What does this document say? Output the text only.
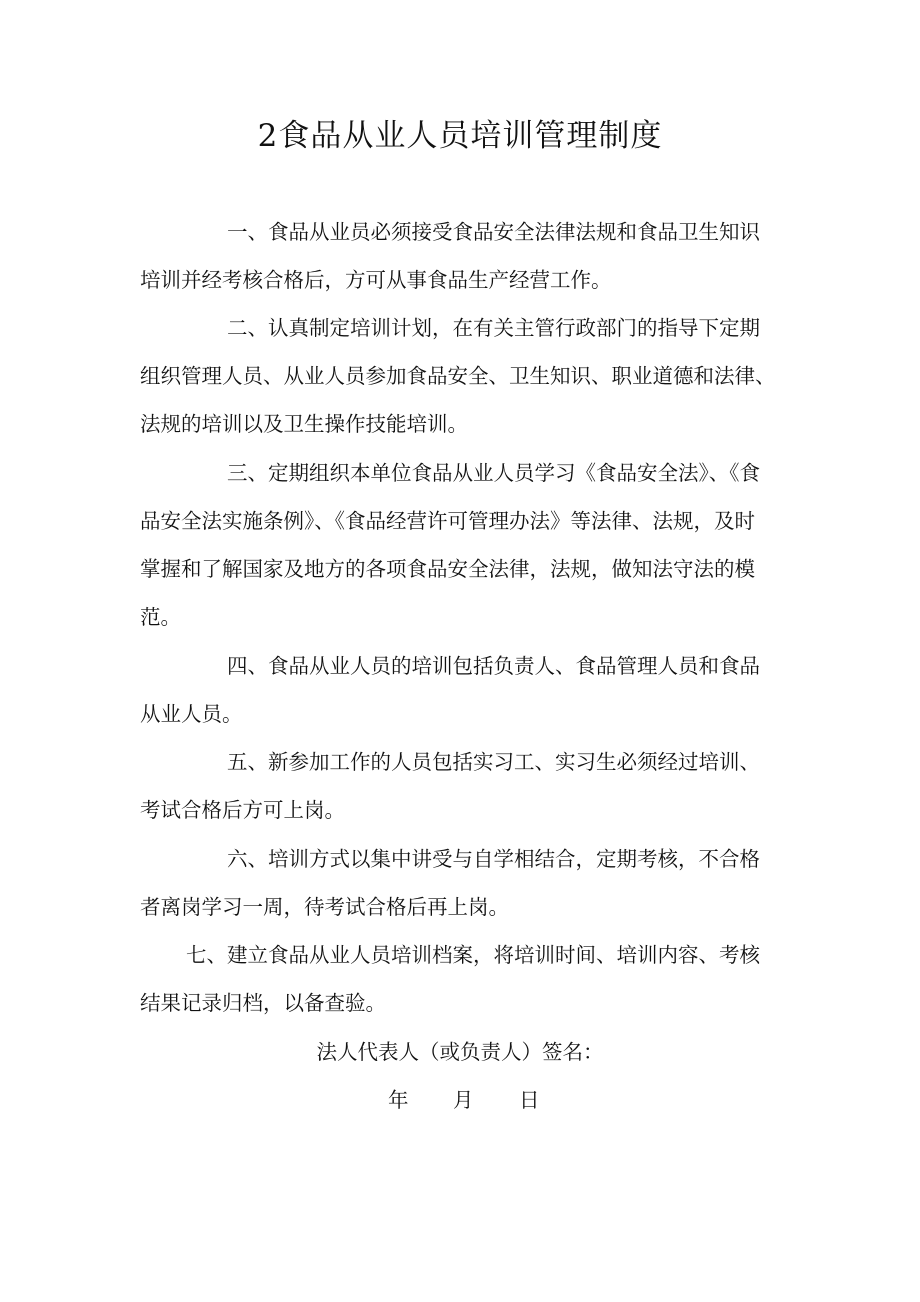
2食品从业人员培训管理制度
一、食品从业员必须接受食品安全法律法规和食品卫生知识
培训并经考核合格后，方可从事食品生产经营工作。
二、认真制定培训计划，在有关主管行政部门的指导下定期
组织管理人员、从业人员参加食品安全、卫生知识、职业道德和法律、
法规的培训以及卫生操作技能培训。
三、定期组织本单位食品从业人员学习《食品安全法》、《食
品安全法实施条例》、《食品经营许可管理办法》等法律、法规，及时
掌握和了解国家及地方的各项食品安全法律，法规，做知法守法的模
范。
四、食品从业人员的培训包括负责人、食品管理人员和食品
从业人员。
五、新参加工作的人员包括实习工、实习生必须经过培训、
考试合格后方可上岗。
六、培训方式以集中讲受与自学相结合，定期考核，不合格
者离岗学习一周，待考试合格后再上岗。
七、建立食品从业人员培训档案，将培训时间、培训内容、考核
结果记录归档，以备查验。
法人代表人（或负责人）签名：
年 月 日
